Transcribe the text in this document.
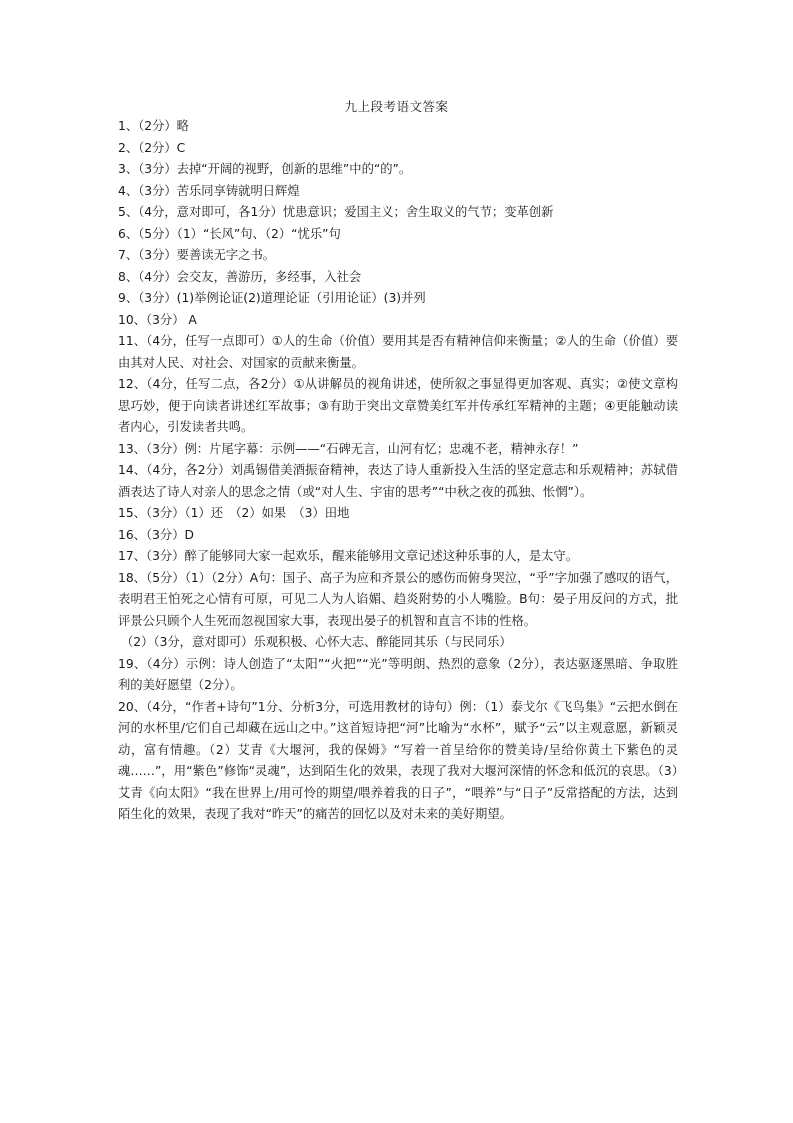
九上段考语文答案

1、（2分）略

2、（2分）C

3、（3分）去掉“开阔的视野，创新的思维”中的“的”。

4、（3分）苦乐同享铸就明日辉煌

5、（4分，意对即可，各1分）忧患意识；爱国主义；舍生取义的气节；变革创新

6、（5分）（1）“长风”句、（2）“忧乐”句

7、（3分）要善读无字之书。

8、（4分）会交友，善游历，多经事，入社会

9、（3分）(1)举例论证(2)道理论证（引用论证）(3)并列

10、（3分） A

11、（4分，任写一点即可）①人的生命（价值）要用其是否有精神信仰来衡量；②人的生命（价值）要由其对人民、对社会、对国家的贡献来衡量。

12、（4分，任写二点，各2分）①从讲解员的视角讲述，使所叙之事显得更加客观、真实；②使文章构思巧妙，便于向读者讲述红军故事；③有助于突出文章赞美红军并传承红军精神的主题；④更能触动读者内心，引发读者共鸣。

13、（3分）例：片尾字幕：示例——“石碑无言，山河有忆；忠魂不老，精神永存！”

14、（4分，各2分）刘禹锡借美酒振奋精神，表达了诗人重新投入生活的坚定意志和乐观精神；苏轼借酒表达了诗人对亲人的思念之情（或“对人生、宇宙的思考”“中秋之夜的孤独、怅惘”）。

15、（3分）（1）还　（2）如果　（3）田地

16、（3分）D

17、（3分）醉了能够同大家一起欢乐，醒来能够用文章记述这种乐事的人，是太守。

18、（5分）（1）（2分）A句：国子、高子为应和齐景公的感伤而俯身哭泣，“乎”字加强了感叹的语气，表明君王怕死之心情有可原，可见二人为人谄媚、趋炎附势的小人嘴脸。B句：晏子用反问的方式，批评景公只顾个人生死而忽视国家大事，表现出晏子的机智和直言不讳的性格。

（2）（3分，意对即可）乐观积极、心怀大志、醉能同其乐（与民同乐）

19、（4分）示例：诗人创造了“太阳”“火把”“光”等明朗、热烈的意象（2分），表达驱逐黑暗、争取胜利的美好愿望（2分）。

20、（4分，“作者+诗句”1分、分析3分，可选用教材的诗句）例：（1）泰戈尔《飞鸟集》“云把水倒在河的水杯里/它们自己却藏在远山之中。”这首短诗把“河”比喻为“水杯”，赋予“云”以主观意愿，新颖灵动，富有情趣。（2）艾青《大堰河，我的保姆》“写着一首呈给你的赞美诗/呈给你黄土下紫色的灵魂……”，用“紫色”修饰“灵魂”，达到陌生化的效果，表现了我对大堰河深情的怀念和低沉的哀思。（3）艾青《向太阳》“我在世界上/用可怜的期望/喂养着我的日子”，“喂养”与“日子”反常搭配的方法，达到陌生化的效果，表现了我对“昨天”的痛苦的回忆以及对未来的美好期望。

·
